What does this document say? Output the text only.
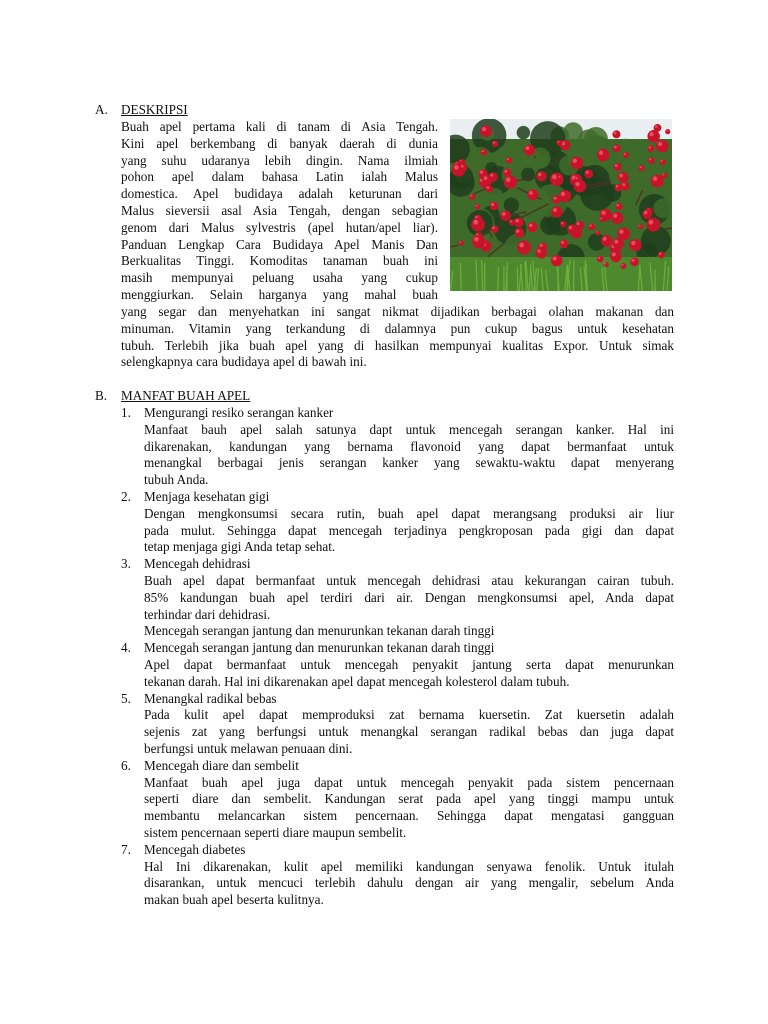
A. DESKRIPSI
Buah apel pertama kali di tanam di Asia Tengah.
Kini apel berkembang di banyak daerah di dunia
yang suhu udaranya lebih dingin. Nama ilmiah
pohon apel dalam bahasa Latin ialah Malus
domestica. Apel budidaya adalah keturunan dari
Malus sieversii asal Asia Tengah, dengan sebagian
genom dari Malus sylvestris (apel hutan/apel liar).
Panduan Lengkap Cara Budidaya Apel Manis Dan
Berkualitas Tinggi. Komoditas tanaman buah ini
masih mempunyai peluang usaha yang cukup
menggiurkan. Selain harganya yang mahal buah
yang segar dan menyehatkan ini sangat nikmat dijadikan berbagai olahan makanan dan
minuman. Vitamin yang terkandung di dalamnya pun cukup bagus untuk kesehatan
tubuh. Terlebih jika buah apel yang di hasilkan mempunyai kualitas Expor. Untuk simak
selengkapnya cara budidaya apel di bawah ini.
B. MANFAT BUAH APEL
1. Mengurangi resiko serangan kanker
Manfaat bauh apel salah satunya dapt untuk mencegah serangan kanker. Hal ini
dikarenakan, kandungan yang bernama flavonoid yang dapat bermanfaat untuk
menangkal berbagai jenis serangan kanker yang sewaktu-waktu dapat menyerang
tubuh Anda.
2. Menjaga kesehatan gigi
Dengan mengkonsumsi secara rutin, buah apel dapat merangsang produksi air liur
pada mulut. Sehingga dapat mencegah terjadinya pengkroposan pada gigi dan dapat
tetap menjaga gigi Anda tetap sehat.
3. Mencegah dehidrasi
Buah apel dapat bermanfaat untuk mencegah dehidrasi atau kekurangan cairan tubuh.
85% kandungan buah apel terdiri dari air. Dengan mengkonsumsi apel, Anda dapat
terhindar dari dehidrasi.
Mencegah serangan jantung dan menurunkan tekanan darah tinggi
4. Mencegah serangan jantung dan menurunkan tekanan darah tinggi
Apel dapat bermanfaat untuk mencegah penyakit jantung serta dapat menurunkan
tekanan darah. Hal ini dikarenakan apel dapat mencegah kolesterol dalam tubuh.
5. Menangkal radikal bebas
Pada kulit apel dapat memproduksi zat bernama kuersetin. Zat kuersetin adalah
sejenis zat yang berfungsi untuk menangkal serangan radikal bebas dan juga dapat
berfungsi untuk melawan penuaan dini.
6. Mencegah diare dan sembelit
Manfaat buah apel juga dapat untuk mencegah penyakit pada sistem pencernaan
seperti diare dan sembelit. Kandungan serat pada apel yang tinggi mampu untuk
membantu melancarkan sistem pencernaan. Sehingga dapat mengatasi gangguan
sistem pencernaan seperti diare maupun sembelit.
7. Mencegah diabetes
Hal Ini dikarenakan, kulit apel memiliki kandungan senyawa fenolik. Untuk itulah
disarankan, untuk mencuci terlebih dahulu dengan air yang mengalir, sebelum Anda
makan buah apel beserta kulitnya.
